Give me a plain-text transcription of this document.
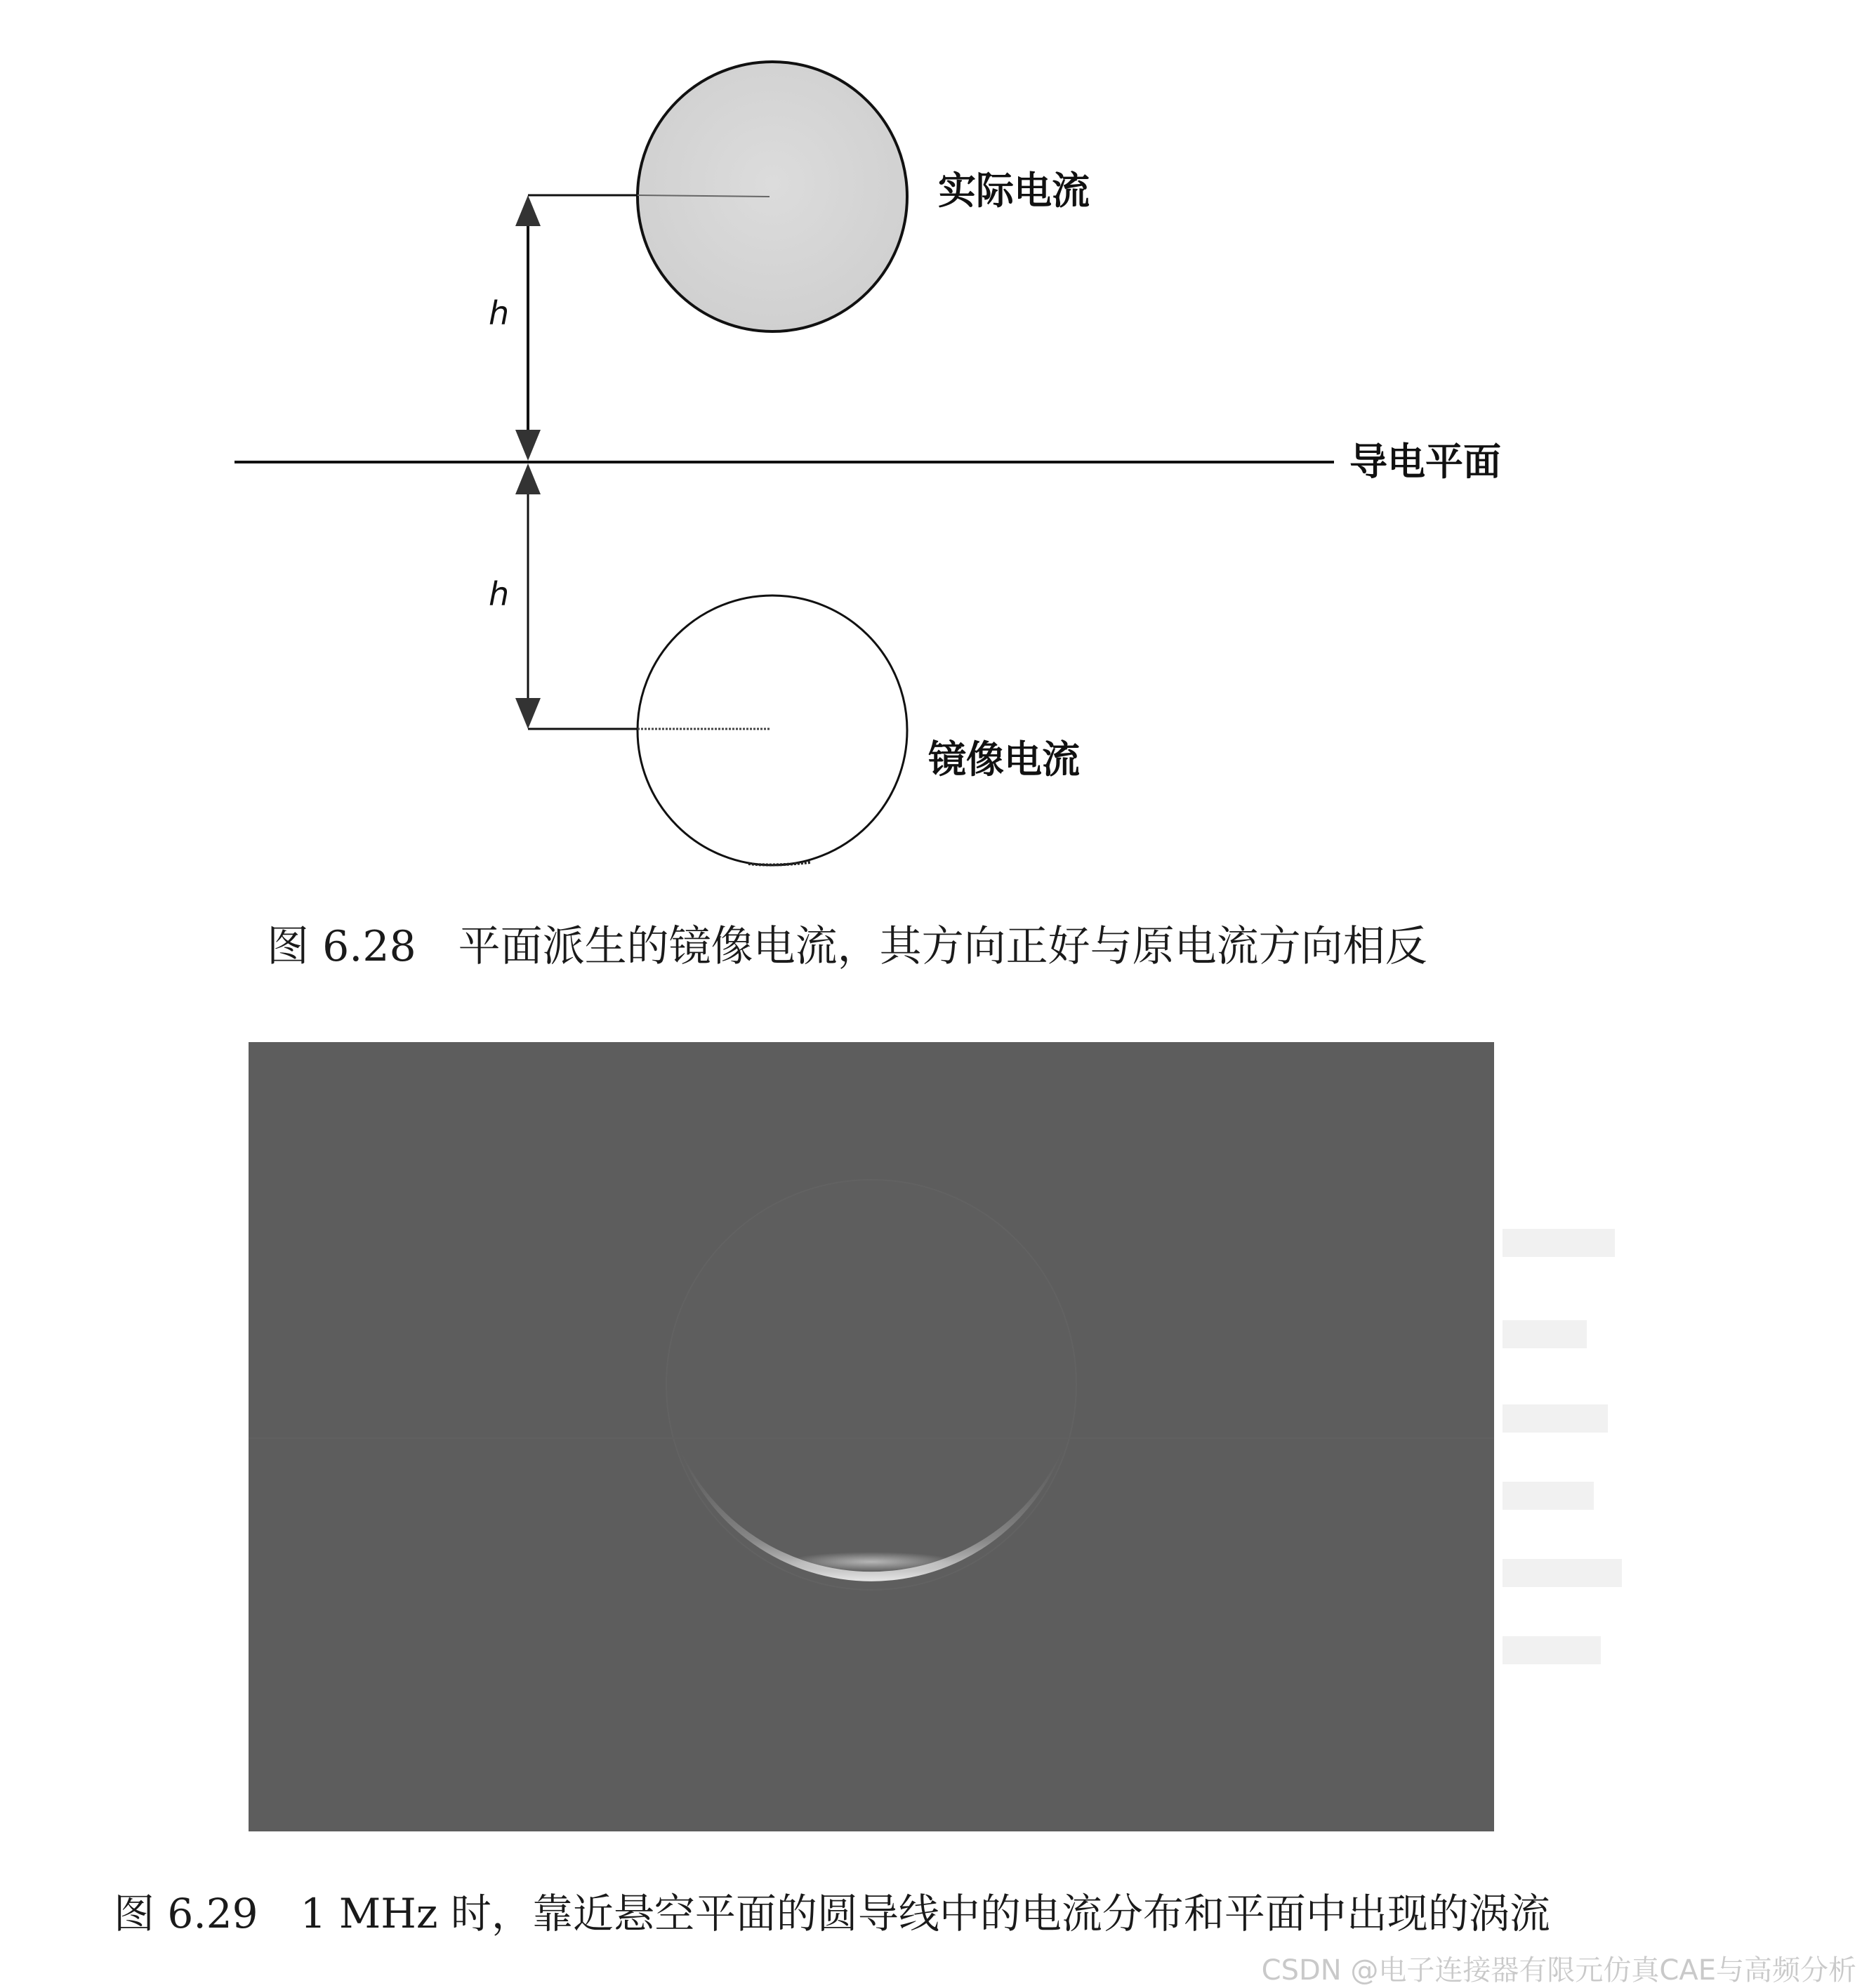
h
h
实际电流
导电平面
镜像电流
图 6.28 平面派生的镜像电流，其方向正好与原电流方向相反
图 6.29 1 MHz 时，靠近悬空平面的圆导线中的电流分布和平面中出现的涡流
CSDN @电子连接器有限元仿真CAE与高频分析
